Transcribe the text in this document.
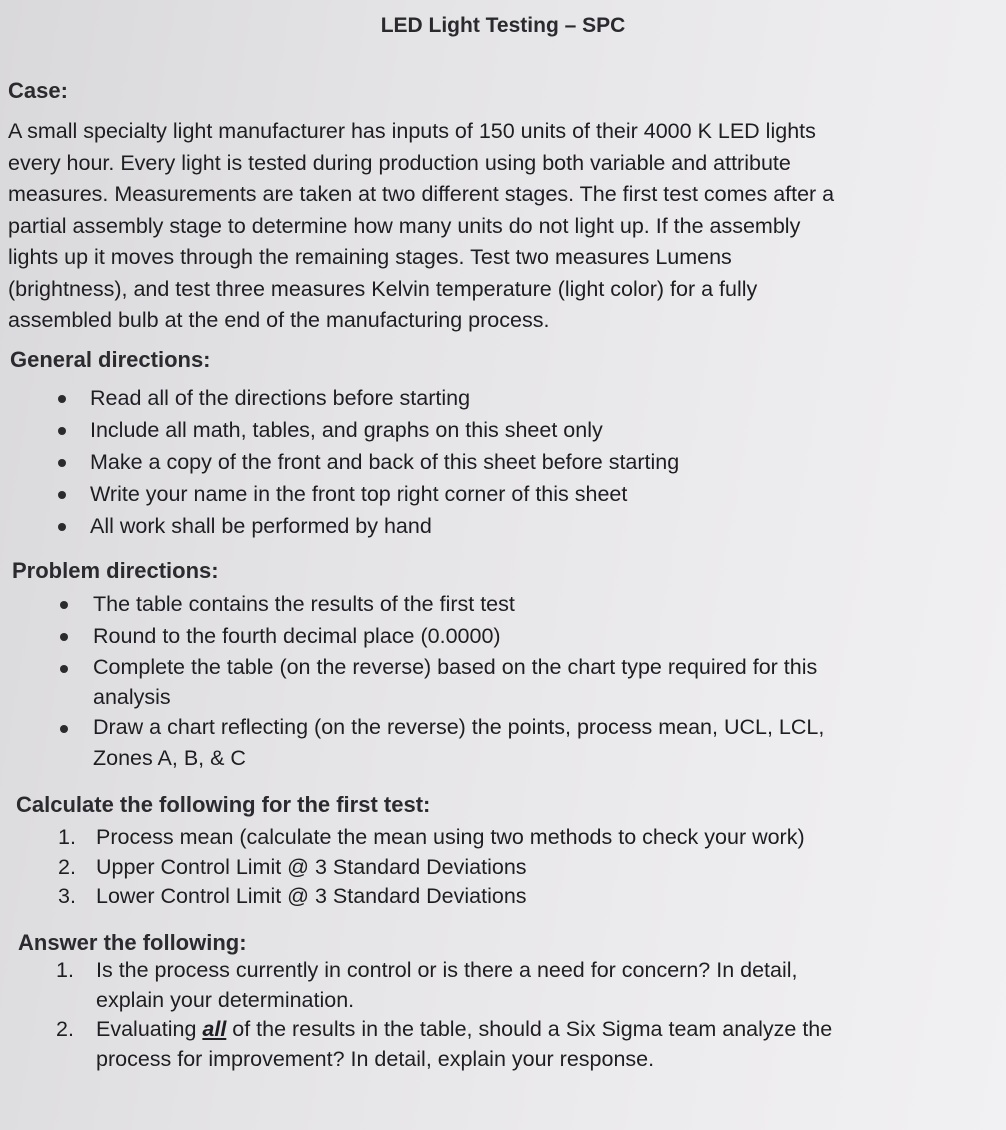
LED Light Testing – SPC
Case:
A small specialty light manufacturer has inputs of 150 units of their 4000 K LED lights
every hour. Every light is tested during production using both variable and attribute
measures. Measurements are taken at two different stages. The first test comes after a
partial assembly stage to determine how many units do not light up. If the assembly
lights up it moves through the remaining stages. Test two measures Lumens
(brightness), and test three measures Kelvin temperature (light color) for a fully
assembled bulb at the end of the manufacturing process.
General directions:
Read all of the directions before starting
Include all math, tables, and graphs on this sheet only
Make a copy of the front and back of this sheet before starting
Write your name in the front top right corner of this sheet
All work shall be performed by hand
Problem directions:
The table contains the results of the first test
Round to the fourth decimal place (0.0000)
Complete the table (on the reverse) based on the chart type required for this
analysis
Draw a chart reflecting (on the reverse) the points, process mean, UCL, LCL,
Zones A, B, & C
Calculate the following for the first test:
1. Process mean (calculate the mean using two methods to check your work)
2. Upper Control Limit @ 3 Standard Deviations
3. Lower Control Limit @ 3 Standard Deviations
Answer the following:
1. Is the process currently in control or is there a need for concern? In detail,
explain your determination.
2. Evaluating all of the results in the table, should a Six Sigma team analyze the
process for improvement? In detail, explain your response.
